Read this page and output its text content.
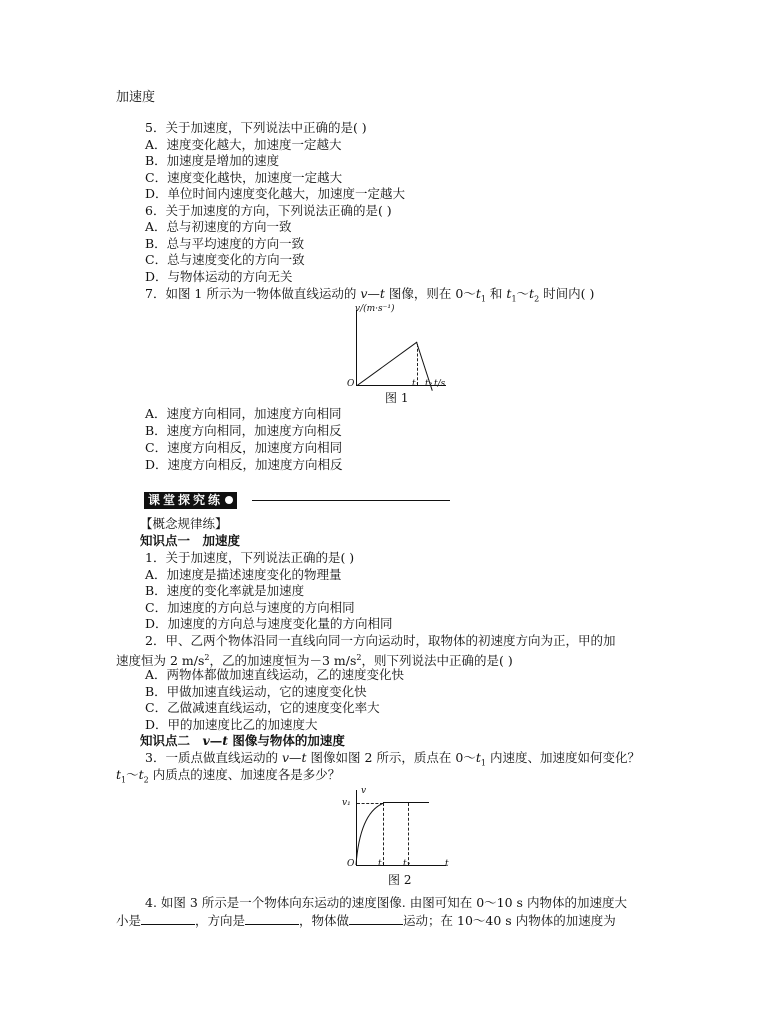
加速度
5．关于加速度，下列说法中正确的是( )
A．速度变化越大，加速度一定越大
B．加速度是增加的速度
C．速度变化越快，加速度一定越大
D．单位时间内速度变化越大，加速度一定越大
6．关于加速度的方向，下列说法正确的是( )
A．总与初速度的方向一致
B．总与平均速度的方向一致
C．总与速度变化的方向一致
D．与物体运动的方向无关
7．如图 1 所示为一物体做直线运动的 v—t 图像，则在 $0\sim t_1$ 和 $t_1\sim t_2$ 时间内( )
v/(m·s⁻¹)
t/s
O	t₁ t₂
图 1
A．速度方向相同，加速度方向相同
B．速度方向相同，加速度方向相反
C．速度方向相反，加速度方向相同
D．速度方向相反，加速度方向相反
课堂探究练
【概念规律练】
知识点一　加速度
1．关于加速度，下列说法正确的是( )
A．加速度是描述速度变化的物理量
B．速度的变化率就是加速度
C．加速度的方向总与速度的方向相同
D．加速度的方向总与速度变化量的方向相同
2．甲、乙两个物体沿同一直线向同一方向运动时，取物体的初速度方向为正，甲的加
速度恒为 2 $m/s^2$，乙的加速度恒为－3 $m/s^2$，则下列说法中正确的是( )
A．两物体都做加速直线运动，乙的速度变化快
B．甲做加速直线运动，它的速度变化快
C．乙做减速直线运动，它的速度变化率大
D．甲的加速度比乙的加速度大
知识点二　v—t 图像与物体的加速度
3．一质点做直线运动的 v—t 图像如图 2 所示，质点在 $0\sim t_1$ 内速度、加速度如何变化？
$t_1\sim t_2$ 内质点的速度、加速度各是多少？
v
t
O
v₁
t₁ t₂
图 2
4. 如图 3 所示是一个物体向东运动的速度图像. 由图可知在 0～10 s 内物体的加速度大
小是	，方向是	，物体做	运动；在 10～40 s 内物体的加速度为
